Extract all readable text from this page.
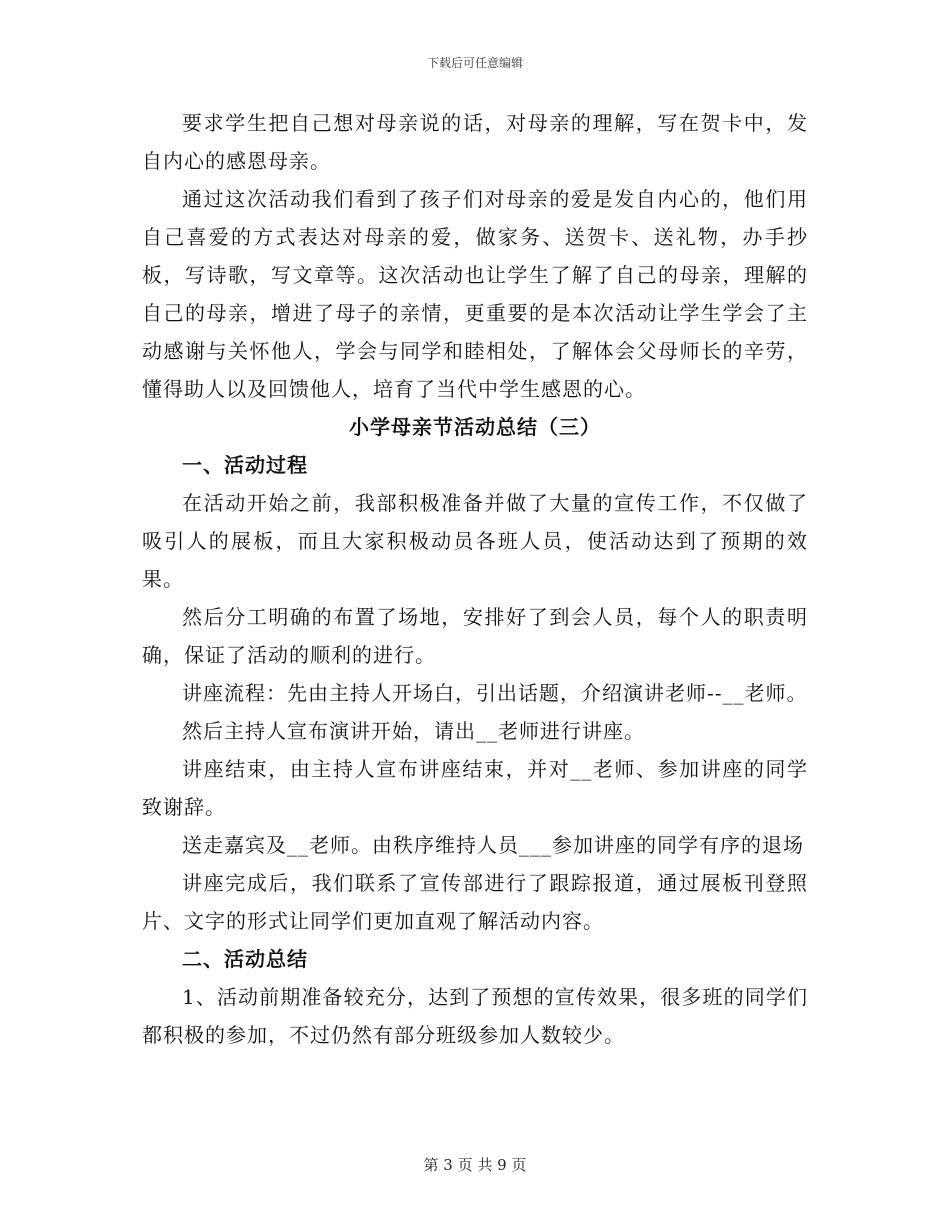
下载后可任意编辑

要求学生把自己想对母亲说的话，对母亲的理解，写在贺卡中，发自内心的感恩母亲。

通过这次活动我们看到了孩子们对母亲的爱是发自内心的，他们用自己喜爱的方式表达对母亲的爱，做家务、送贺卡、送礼物，办手抄板，写诗歌，写文章等。这次活动也让学生了解了自己的母亲，理解的自己的母亲，增进了母子的亲情，更重要的是本次活动让学生学会了主动感谢与关怀他人，学会与同学和睦相处，了解体会父母师长的辛劳，懂得助人以及回馈他人，培育了当代中学生感恩的心。

小学母亲节活动总结（三）

一、活动过程

在活动开始之前，我部积极准备并做了大量的宣传工作，不仅做了吸引人的展板，而且大家积极动员各班人员，使活动达到了预期的效果。

然后分工明确的布置了场地，安排好了到会人员，每个人的职责明确，保证了活动的顺利的进行。

讲座流程：先由主持人开场白，引出话题，介绍演讲老师--__老师。

然后主持人宣布演讲开始，请出__老师进行讲座。

讲座结束，由主持人宣布讲座结束，并对__老师、参加讲座的同学致谢辞。

送走嘉宾及__老师。由秩序维持人员___参加讲座的同学有序的退场

讲座完成后，我们联系了宣传部进行了跟踪报道，通过展板刊登照片、文字的形式让同学们更加直观了解活动内容。

二、活动总结

1、活动前期准备较充分，达到了预想的宣传效果，很多班的同学们都积极的参加，不过仍然有部分班级参加人数较少。

第 3 页 共 9 页
